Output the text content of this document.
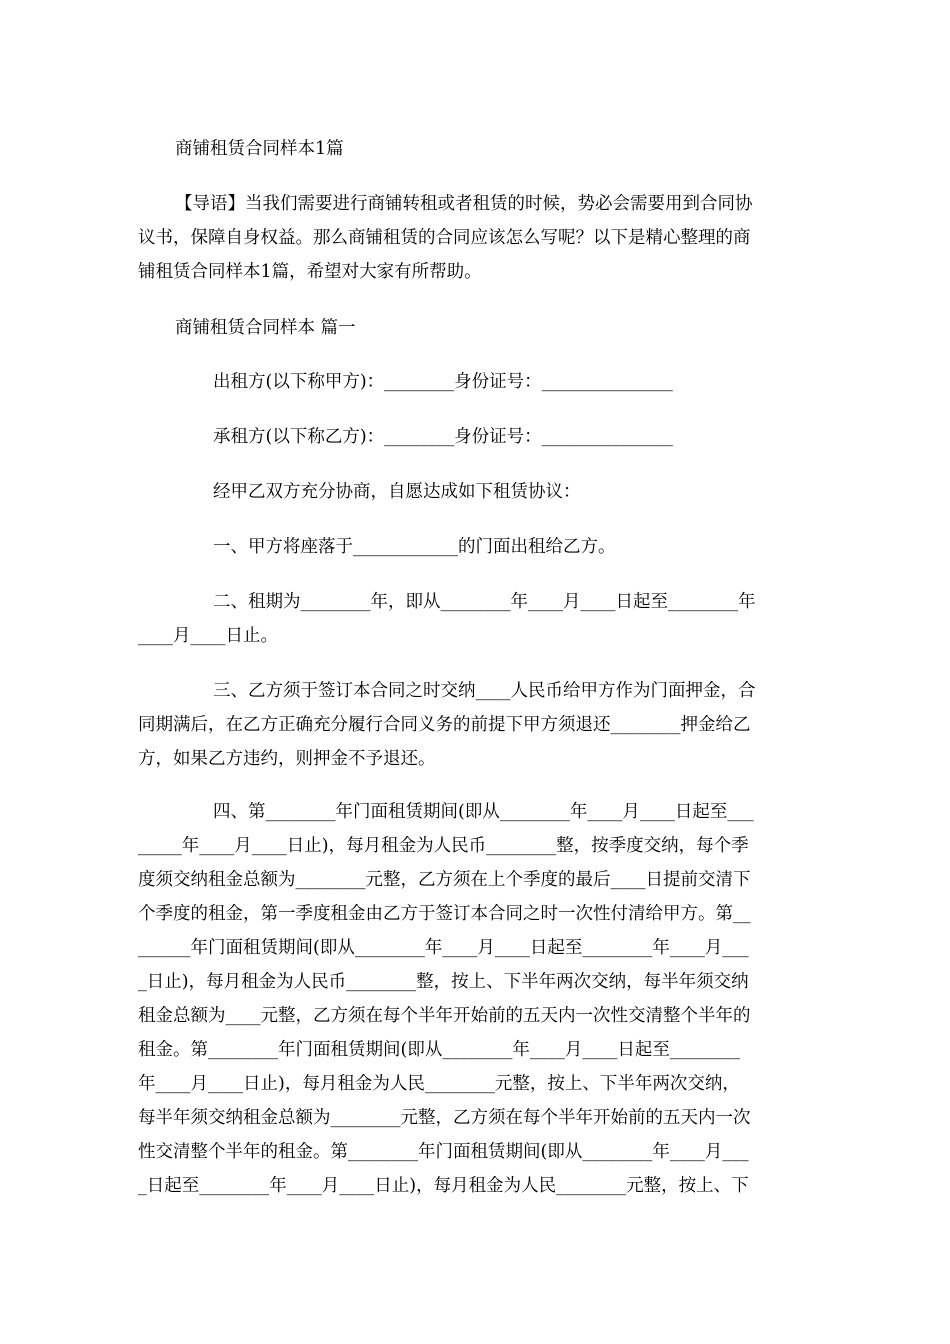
商铺租赁合同样本1篇

【导语】当我们需要进行商铺转租或者租赁的时候，势必会需要用到合同协

议书，保障自身权益。那么商铺租赁的合同应该怎么写呢？以下是精心整理的商

铺租赁合同样本1篇，希望对大家有所帮助。

商铺租赁合同样本 篇一

出租方(以下称甲方)：________身份证号：_______________

承租方(以下称乙方)：________身份证号：_______________

经甲乙双方充分协商，自愿达成如下租赁协议：

一、甲方将座落于____________的门面出租给乙方。

二、租期为________年，即从________年____月____日起至________年

____月____日止。

三、乙方须于签订本合同之时交纳____人民币给甲方作为门面押金，合

同期满后，在乙方正确充分履行合同义务的前提下甲方须退还________押金给乙

方，如果乙方违约，则押金不予退还。

四、第________年门面租赁期间(即从________年____月____日起至___

_____年____月____日止)，每月租金为人民币________整，按季度交纳，每个季

度须交纳租金总额为________元整，乙方须在上个季度的最后____日提前交清下

个季度的租金，第一季度租金由乙方于签订本合同之时一次性付清给甲方。第__

______年门面租赁期间(即从________年____月____日起至________年____月___

_日止)，每月租金为人民币________整，按上、下半年两次交纳，每半年须交纳

租金总额为____元整，乙方须在每个半年开始前的五天内一次性交清整个半年的

租金。第________年门面租赁期间(即从________年____月____日起至________

年____月____日止)，每月租金为人民________元整，按上、下半年两次交纳，

每半年须交纳租金总额为________元整，乙方须在每个半年开始前的五天内一次

性交清整个半年的租金。第________年门面租赁期间(即从________年____月___

_日起至________年____月____日止)，每月租金为人民________元整，按上、下
